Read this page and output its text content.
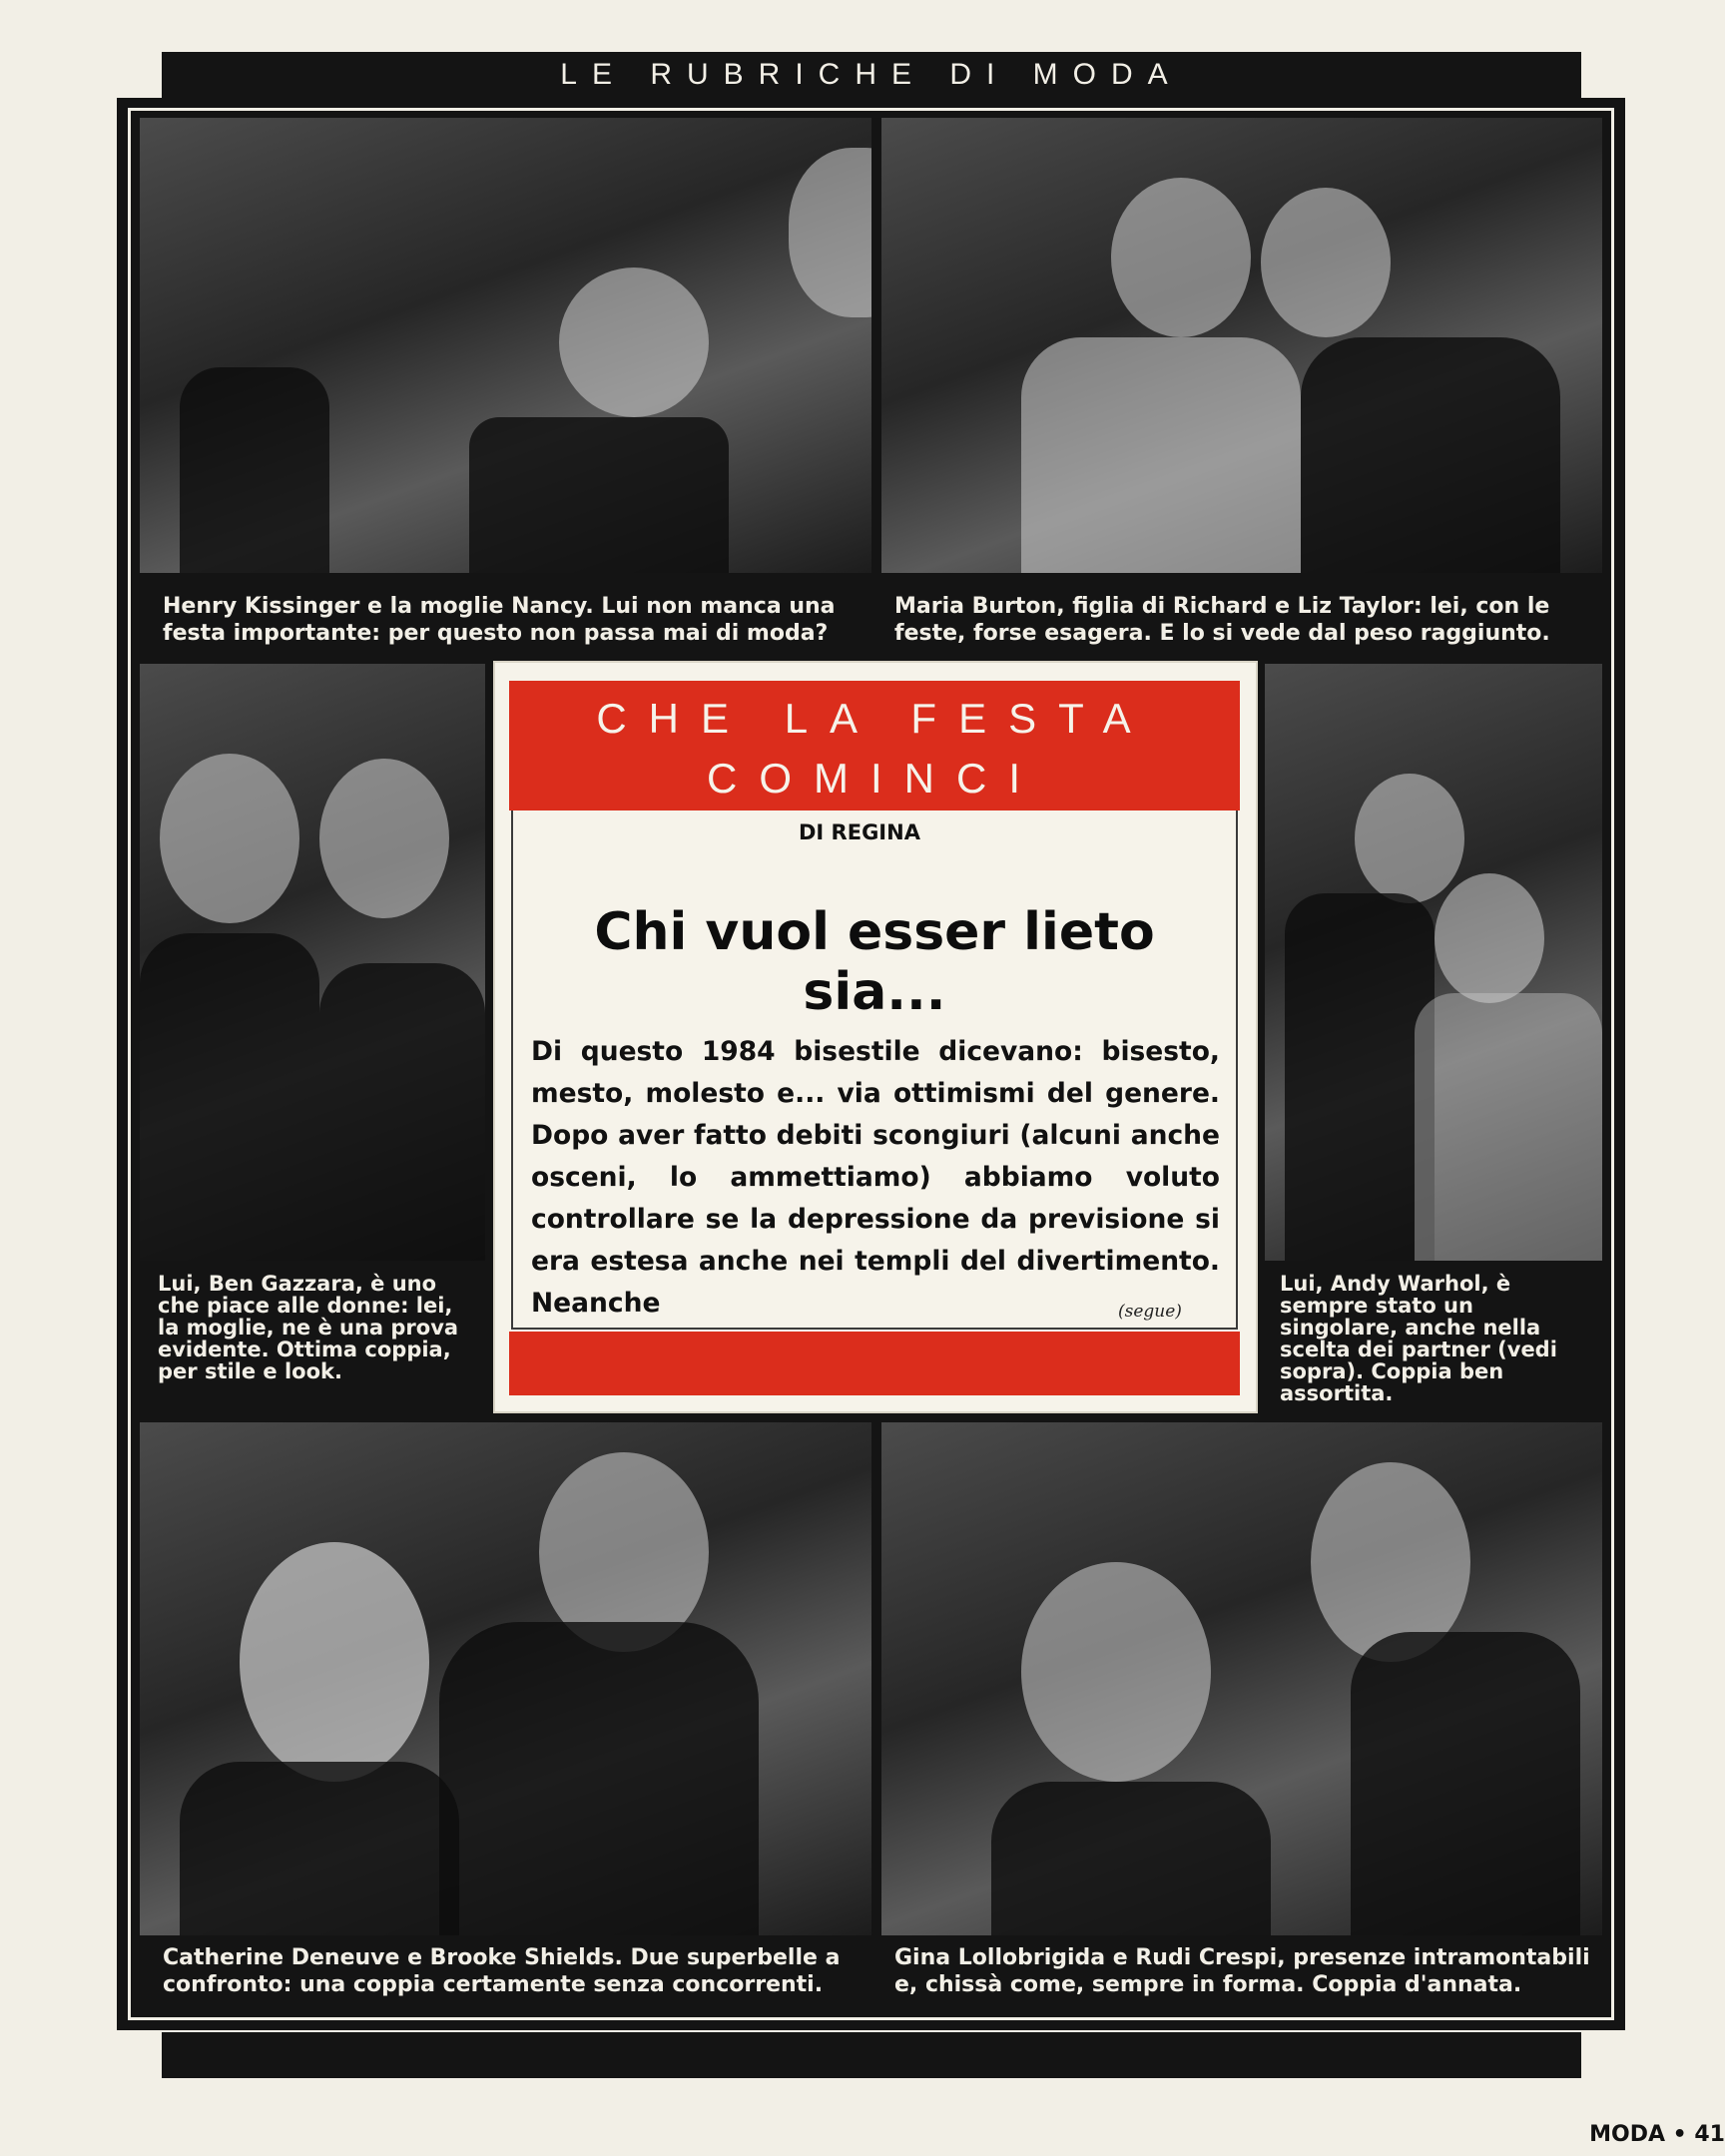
LE RUBRICHE DI MODA
Henry Kissinger e la moglie Nancy. Lui non manca una festa importante: per questo non passa mai di moda?
Maria Burton, figlia di Richard e Liz Taylor: lei, con le feste, forse esagera. E lo si vede dal peso raggiunto.
Lui, Ben Gazzara, è uno che piace alle donne: lei, la moglie, ne è una prova evidente. Ottima coppia, per stile e look.
Lui, Andy Warhol, è sempre stato un singolare, anche nella scelta dei partner (vedi sopra). Coppia ben assortita.
Catherine Deneuve e Brooke Shields. Due superbelle a confronto: una coppia certamente senza concorrenti.
Gina Lollobrigida e Rudi Crespi, presenze intramontabili e, chissà come, sempre in forma. Coppia d'annata.
CHE LA FESTA COMINCI
DI REGINA
Chi vuol esser lieto sia...
Di questo 1984 bisestile dicevano: bisesto, mesto, molesto e... via ottimismi del genere. Dopo aver fatto debiti scongiuri (alcuni anche osceni, lo ammettiamo) abbiamo voluto controllare se la depressione da previsione si era estesa anche nei templi del divertimento. Neanche	(segue)
MODA • 41
